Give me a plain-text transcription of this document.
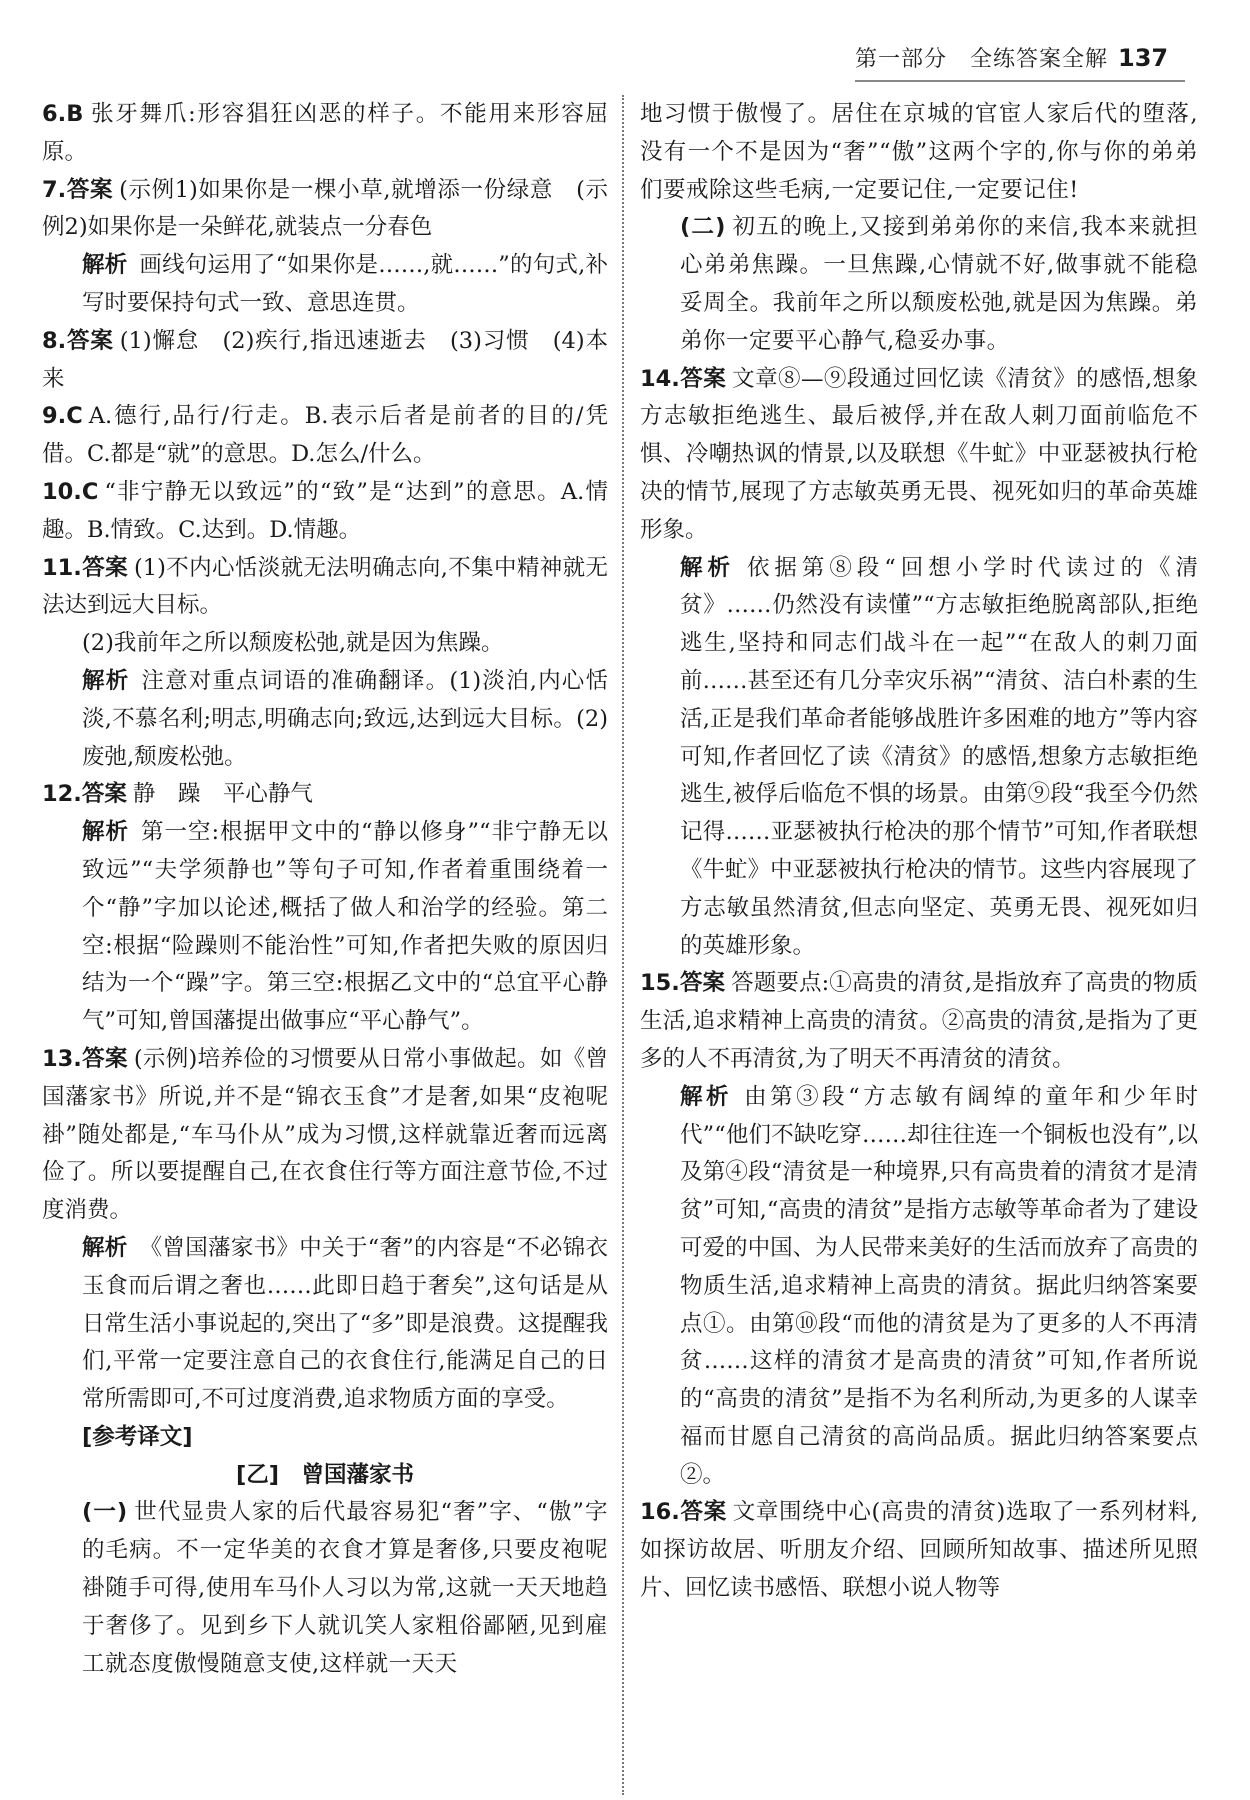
第一部分　全练答案全解 137

6.B 张牙舞爪:形容猖狂凶恶的样子。不能用来形容屈原。

7.答案 (示例1)如果你是一棵小草,就增添一份绿意　(示例2)如果你是一朵鲜花,就装点一分春色

解析 画线句运用了“如果你是……,就……”的句式,补写时要保持句式一致、意思连贯。

8.答案 (1)懈怠　(2)疾行,指迅速逝去　(3)习惯　(4)本来

9.C A.德行,品行/行走。B.表示后者是前者的目的/凭借。C.都是“就”的意思。D.怎么/什么。

10.C “非宁静无以致远”的“致”是“达到”的意思。A.情趣。B.情致。C.达到。D.情趣。

11.答案 (1)不内心恬淡就无法明确志向,不集中精神就无法达到远大目标。

(2)我前年之所以颓废松弛,就是因为焦躁。

解析 注意对重点词语的准确翻译。(1)淡泊,内心恬淡,不慕名利;明志,明确志向;致远,达到远大目标。(2)废弛,颓废松弛。

12.答案 静　躁　平心静气

解析 第一空:根据甲文中的“静以修身”“非宁静无以致远”“夫学须静也”等句子可知,作者着重围绕着一个“静”字加以论述,概括了做人和治学的经验。第二空:根据“险躁则不能治性”可知,作者把失败的原因归结为一个“躁”字。第三空:根据乙文中的“总宜平心静气”可知,曾国藩提出做事应“平心静气”。

13.答案 (示例)培养俭的习惯要从日常小事做起。如《曾国藩家书》所说,并不是“锦衣玉食”才是奢,如果“皮袍呢褂”随处都是,“车马仆从”成为习惯,这样就靠近奢而远离俭了。所以要提醒自己,在衣食住行等方面注意节俭,不过度消费。

解析 《曾国藩家书》中关于“奢”的内容是“不必锦衣玉食而后谓之奢也……此即日趋于奢矣”,这句话是从日常生活小事说起的,突出了“多”即是浪费。这提醒我们,平常一定要注意自己的衣食住行,能满足自己的日常所需即可,不可过度消费,追求物质方面的享受。

[参考译文]

[乙]　曾国藩家书

(一) 世代显贵人家的后代最容易犯“奢”字、“傲”字的毛病。不一定华美的衣食才算是奢侈,只要皮袍呢褂随手可得,使用车马仆人习以为常,这就一天天地趋于奢侈了。见到乡下人就讥笑人家粗俗鄙陋,见到雇工就态度傲慢随意支使,这样就一天天

地习惯于傲慢了。居住在京城的官宦人家后代的堕落,没有一个不是因为“奢”“傲”这两个字的,你与你的弟弟们要戒除这些毛病,一定要记住,一定要记住!

(二) 初五的晚上,又接到弟弟你的来信,我本来就担心弟弟焦躁。一旦焦躁,心情就不好,做事就不能稳妥周全。我前年之所以颓废松弛,就是因为焦躁。弟弟你一定要平心静气,稳妥办事。

14.答案 文章⑧—⑨段通过回忆读《清贫》的感悟,想象方志敏拒绝逃生、最后被俘,并在敌人刺刀面前临危不惧、冷嘲热讽的情景,以及联想《牛虻》中亚瑟被执行枪决的情节,展现了方志敏英勇无畏、视死如归的革命英雄形象。

解析 依据第⑧段“回想小学时代读过的《清贫》……仍然没有读懂”“方志敏拒绝脱离部队,拒绝逃生,坚持和同志们战斗在一起”“在敌人的刺刀面前……甚至还有几分幸灾乐祸”“清贫、洁白朴素的生活,正是我们革命者能够战胜许多困难的地方”等内容可知,作者回忆了读《清贫》的感悟,想象方志敏拒绝逃生,被俘后临危不惧的场景。由第⑨段“我至今仍然记得……亚瑟被执行枪决的那个情节”可知,作者联想《牛虻》中亚瑟被执行枪决的情节。这些内容展现了方志敏虽然清贫,但志向坚定、英勇无畏、视死如归的英雄形象。

15.答案 答题要点:①高贵的清贫,是指放弃了高贵的物质生活,追求精神上高贵的清贫。②高贵的清贫,是指为了更多的人不再清贫,为了明天不再清贫的清贫。

解析 由第③段“方志敏有阔绰的童年和少年时代”“他们不缺吃穿……却往往连一个铜板也没有”,以及第④段“清贫是一种境界,只有高贵着的清贫才是清贫”可知,“高贵的清贫”是指方志敏等革命者为了建设可爱的中国、为人民带来美好的生活而放弃了高贵的物质生活,追求精神上高贵的清贫。据此归纳答案要点①。由第⑩段“而他的清贫是为了更多的人不再清贫……这样的清贫才是高贵的清贫”可知,作者所说的“高贵的清贫”是指不为名利所动,为更多的人谋幸福而甘愿自己清贫的高尚品质。据此归纳答案要点②。

16.答案 文章围绕中心(高贵的清贫)选取了一系列材料,如探访故居、听朋友介绍、回顾所知故事、描述所见照片、回忆读书感悟、联想小说人物等
